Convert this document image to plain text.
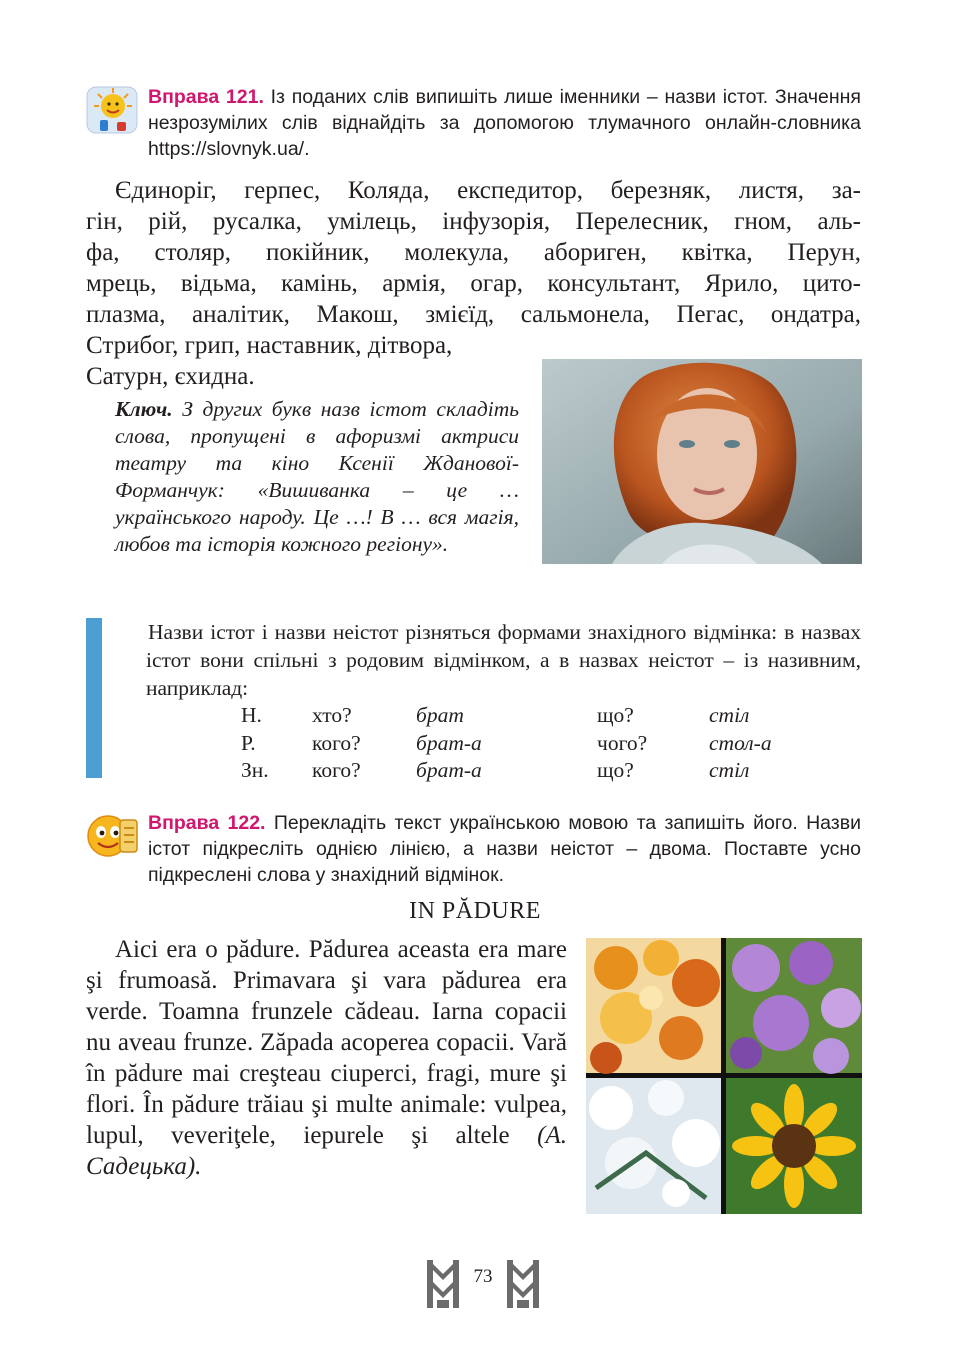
Вправа 121. Із поданих слів випишіть лише іменники – назви істот. Значення незрозумілих слів віднайдіть за допомогою тлумачного онлайн-словника https://slovnyk.ua/.
Єдиноріг, герпес, Коляда, експедитор, березняк, листя, за-
гін, рій, русалка, умілець, інфузорія, Перелесник, гном, аль-
фа, столяр, покійник, молекула, абориген, квітка, Перун,
мрець, відьма, камінь, армія, огар, консультант, Ярило, цито-
плазма, аналітик, Макош, змієїд, сальмонела, Пегас, ондатра,
Стрибог, грип, наставник, дітвора,
Сатурн, єхидна.
Ключ. З других букв назв істот складіть слова, пропущені в афоризмі актриси театру та кіно Ксенії Жданової-Форманчук: «Вишиванка – це … українського народу. Це …! В … вся магія, любов та історія кожного регіону».
Назви істот і назви неістот різняться формами знахідного відмінка: в назвах істот вони спільні з родовим відмінком, а в назвах неістот – із називним, наприклад:
Н. хто?	брат	що?	стіл
Р.	кого?	брат-а	чого?	стол-а
Зн. кого?	брат-а	що?	стіл
Вправа 122. Перекладіть текст українською мовою та запишіть його. Назви істот підкресліть однією лінією, а назви неістот – двома. Поставте усно підкреслені слова у знахідний відмінок.
IN PĂDURE
Aici era o pădure. Pădurea aceasta era mare şi frumoasă. Primavara şi vara pădurea era verde. Toamna frunzele cădeau. Iarna copacii nu aveau frunze. Zăpada acoperea copacii. Vară în pădure mai creşteau ciuperci, fragi, mure şi flori. În pădure trăiau şi multe animale: vulpea, lupul, veveriţele, iepurele şi altele (А. Садецька).
73
